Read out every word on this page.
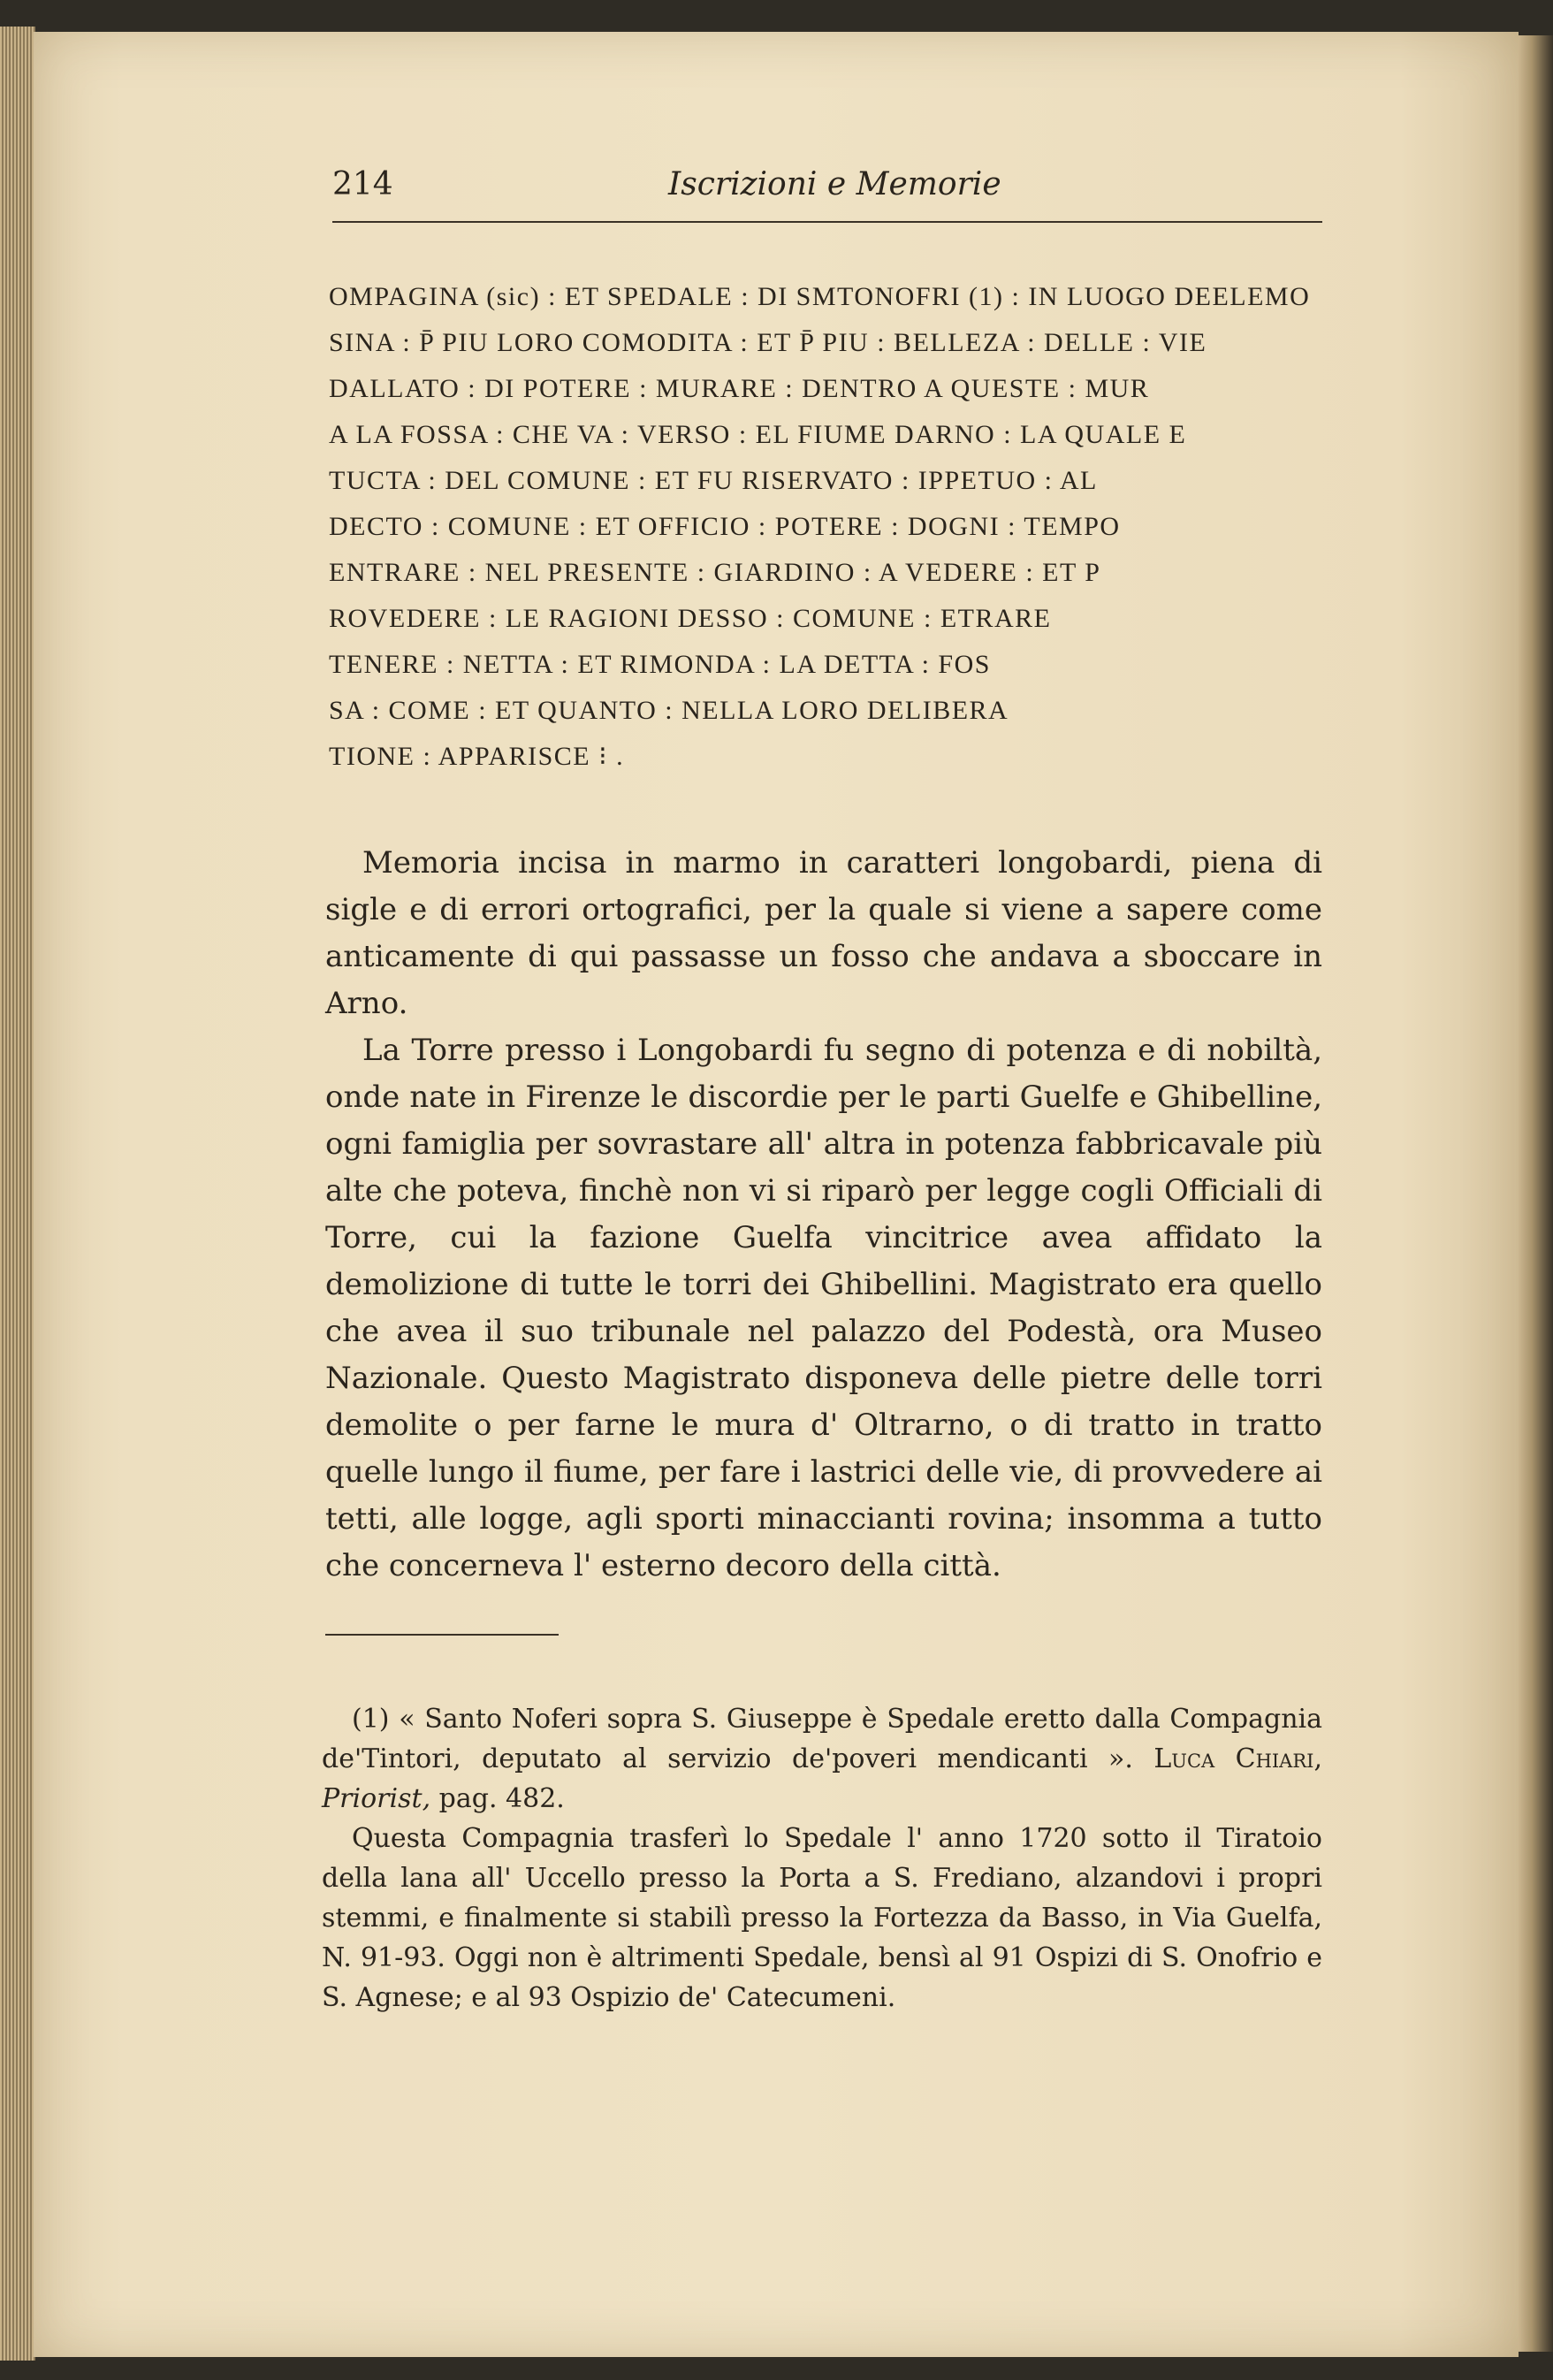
214	Iscrizioni e Memorie
OMPAGINA (sic) : ET SPEDALE : DI SMTONOFRI (1) : IN LUOGO DEELEMO
SINA : P̄ PIU LORO COMODITA : ET P̄ PIU : BELLEZA : DELLE : VIE
DALLATO : DI POTERE : MURARE : DENTRO A QUESTE : MUR
A LA FOSSA : CHE VA : VERSO : EL FIUME DARNO : LA QUALE E
TUCTA : DEL COMUNE : ET FU RISERVATO : IPPETUO : AL
DECTO : COMUNE : ET OFFICIO : POTERE : DOGNI : TEMPO
ENTRARE : NEL PRESENTE : GIARDINO : A VEDERE : ET P
ROVEDERE : LE RAGIONI DESSO : COMUNE : ETRARE
TENERE : NETTA : ET RIMONDA : LA DETTA : FOS
SA : COME : ET QUANTO : NELLA LORO DELIBERA
TIONE : APPARISCE ⁝ .

Memoria incisa in marmo in caratteri longobardi, piena di sigle e di errori ortografici, per la quale si viene a sapere come anticamente di qui passasse un fosso che andava a sboccare in Arno.

La Torre presso i Longobardi fu segno di potenza e di nobiltà, onde nate in Firenze le discordie per le parti Guelfe e Ghibelline, ogni famiglia per sovrastare all' altra in potenza fabbricavale più alte che poteva, finchè non vi si riparò per legge cogli Officiali di Torre, cui la fazione Guelfa vincitrice avea affidato la demolizione di tutte le torri dei Ghibellini. Magistrato era quello che avea il suo tribunale nel palazzo del Podestà, ora Museo Nazionale. Questo Magistrato disponeva delle pietre delle torri demolite o per farne le mura d' Oltrarno, o di tratto in tratto quelle lungo il fiume, per fare i lastrici delle vie, di provvedere ai tetti, alle logge, agli sporti minaccianti rovina; insomma a tutto che concerneva l' esterno decoro della città.

(1) « Santo Noferi sopra S. Giuseppe è Spedale eretto dalla Compagnia de'Tintori, deputato al servizio de'poveri mendicanti ». Luca Chiari, Priorist, pag. 482.

Questa Compagnia trasferì lo Spedale l' anno 1720 sotto il Tiratoio della lana all' Uccello presso la Porta a S. Frediano, alzandovi i propri stemmi, e finalmente si stabilì presso la Fortezza da Basso, in Via Guelfa, N. 91-93. Oggi non è altrimenti Spedale, bensì al 91 Ospizi di S. Onofrio e S. Agnese; e al 93 Ospizio de' Catecumeni.
